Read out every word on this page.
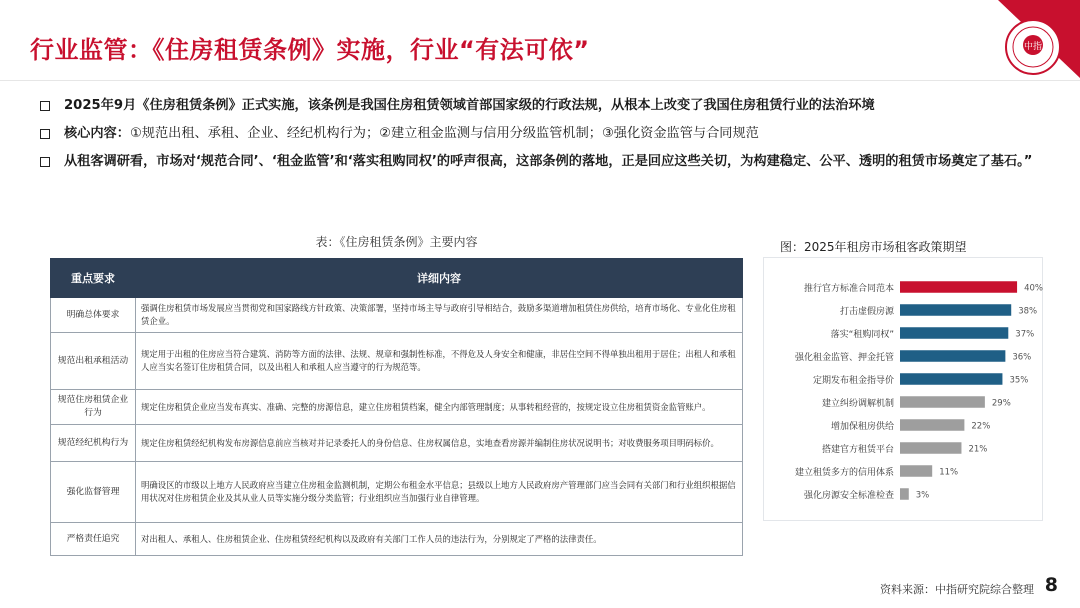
中指
行业监管：《住房租赁条例》实施，行业“有法可依”
2025年9月《住房租赁条例》正式实施，该条例是我国住房租赁领域首部国家级的行政法规，从根本上改变了我国住房租赁行业的法治环境
核心内容：①规范出租、承租、企业、经纪机构行为；②建立租金监测与信用分级监管机制；③强化资金监管与合同规范
从租客调研看，市场对‘规范合同’、‘租金监管’和‘落实租购同权’的呼声很高，这部条例的落地，正是回应这些关切，为构建稳定、公平、透明的租赁市场奠定了基石。”
表：《住房租赁条例》主要内容
重点要求	详细内容
明确总体要求	强调住房租赁市场发展应当贯彻党和国家路线方针政策、决策部署，坚持市场主导与政府引导相结合，鼓励多渠道增加租赁住房供给，培育市场化、专业化住房租赁企业。
规范出租承租活动	规定用于出租的住房应当符合建筑、消防等方面的法律、法规、规章和强制性标准，不得危及人身安全和健康，非居住空间不得单独出租用于居住；出租人和承租人应当实名签订住房租赁合同，以及出租人和承租人应当遵守的行为规范等。
规范住房租赁企业行为	规定住房租赁企业应当发布真实、准确、完整的房源信息，建立住房租赁档案，健全内部管理制度；从事转租经营的，按规定设立住房租赁资金监管账户。
规范经纪机构行为	规定住房租赁经纪机构发布房源信息前应当核对并记录委托人的身份信息、住房权属信息，实地查看房源并编制住房状况说明书；对收费服务项目明码标价。
强化监督管理	明确设区的市级以上地方人民政府应当建立住房租金监测机制，定期公布租金水平信息；县级以上地方人民政府房产管理部门应当会同有关部门和行业组织根据信用状况对住房租赁企业及其从业人员等实施分级分类监管；行业组织应当加强行业自律管理。
严格责任追究	对出租人、承租人、住房租赁企业、住房租赁经纪机构以及政府有关部门工作人员的违法行为，分别规定了严格的法律责任。
图：2025年租房市场租客政策期望
推行官方标准合同范本	40%
打击虚假房源	38%
落实“租购同权”	37%
强化租金监管、押金托管	36%
定期发布租金指导价	35%
建立纠纷调解机制	29%
增加保租房供给	22%
搭建官方租赁平台	21%
建立租赁多方的信用体系	11%
强化房源安全标准检查	3%
资料来源：中指研究院综合整理 8
